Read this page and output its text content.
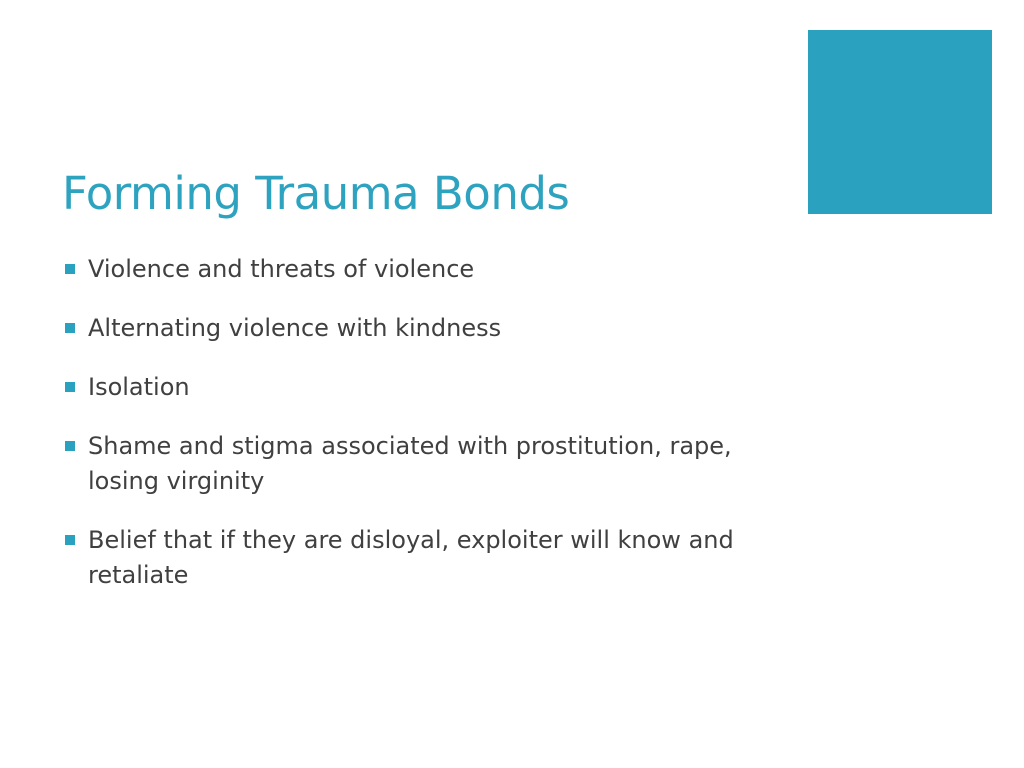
Forming Trauma Bonds
Violence and threats of violence
Alternating violence with kindness
Isolation
Shame and stigma associated with prostitution, rape, losing virginity
Belief that if they are disloyal, exploiter will know and retaliate
